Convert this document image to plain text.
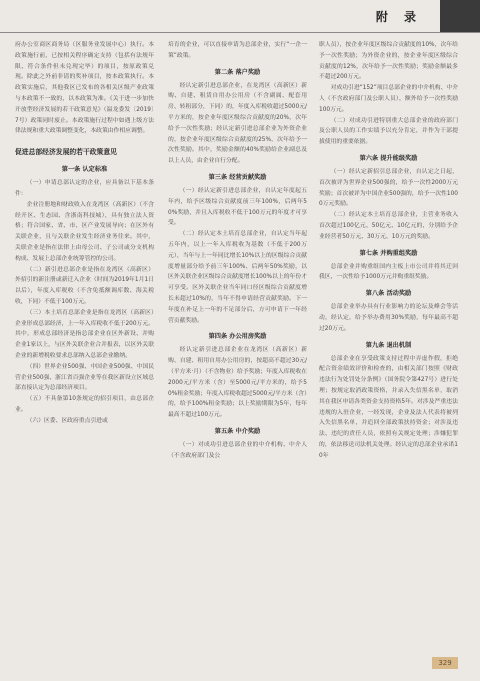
附 录
府办公室商区商务局（区服务业发展中心）执行。本政策施行前，已按相关程序确定支持（包括有法规年限、符合条件但未兑现完毕）的项目，按原政策兑现。除此之外前非请的奖补项目，按本政策执行。本政策实施后，其他我区已发布的各相关区级产业政策与本政策不一致的，以本政策为准。《关于进一步加快开放型经济发展的若干政策意见》（温龙委发〔2019〕7号）政策同时废止。本政策施行过程中如遇上级方法律法规和重大政策调整变化，本政策由作相应调整。
促进总部经济发展的若干政策意见
第一条 认定标准
（一）申请总部认定的企业，应具备以下基本条件：
企业注册地和财政收入在龙湾区（高新区）（不含经开区、生态园、含浙南科技城），具有独立法人资格；符合国家、省、市、区产业发展导向；在区外有关联企业，且与关联企业发生经济业务往来。其中，关联企业是指在法律上由母公司、子公司或分支机构构成、发展上总部企业统筹管控的公司。
（二）新引进总部企业是指在龙湾区（高新区）外招引的新注册或新迁入企业（时间为2019年1月1日以后），年度入库税收（不含免抵额调库数、海关税收，下同）不低于100万元。
（三）本土培育总部企业是指在龙湾区（高新区）企业形成总部经济，上一年入库税收不低于200万元。其中，形成总部经济是指总部企业在区外新设、并购企业1家以上，与区外关联企业合并报表，以区外关联企业的新增税收要求总部纳入总部企业缴纳。
（四）世界企业500强、中国企业500强、中国民营企业500强、浙江省百强企业等在我区新设立区域总部直接认定为总部经济项目。
（五）不具备第10条规定的招引项目，由总部企业。
（六）区委、区政府重点引进或
培育的企业，可以直接申请为总部企业，实行“一企一策”政策。
第二条 落户奖励
经认定新引进总部企业，在龙湾区（高新区）新购、自建、租赁自用办公用房（不含副属、配套用房、转租部分，下同）的，年度入库税收超过5000元/平方米的，按企业年度区级综合贡献度的20%，次年给予一次性奖励；经认定新引进总部企业为外资企业的，按企业年度区级综合贡献度的25%，次年给予一次性奖励。其中，奖励金额的40%奖励给企业副总及以上人员，由企业自行分配。
第三条 经营贡献奖励
（一）经认定新引进总部企业，自认定年度起五年内，给予区级综合贡献度前三年100%，后两年50%奖励，并且入库税收不低于100万元的年度才可享受。
（二）经认定本土培育总部企业，自认定当年起五年内，以上一年入库税收为基数（不低于200万元），当年与上一年同比增长10%以上的区级综合贡献度增量部分给予前三年100%、后两年50%奖励，以区外关联企业区级综合贡献度增长100%以上的年份才可享受。区外关联企业当年同口径区级综合贡献度增长未超过10%的，当年不得申请经营贡献奖励。下一年度在补足上一年的不足部分后，方可申请下一年经营贡献奖励。
第四条 办公用房奖励
经认定新引进总部企业在龙湾区（高新区）新购、自建、租用自用办公用房的，按超高不超过30元/（平方米·月）（不含物业）给予奖励；年度入库税收在2000元/平方米（含）至5000元/平方米的，给予50%租金奖励；年度入库税收超过5000元/平方米（含）的，给予100%租金奖励；以上奖励期限为5年，每年最高不超过100万元。
第五条 中介奖励
（一）对成功引进总部企业的中介机构、中介人（不含政府部门及公
职人员），按企业年度区级综合贡献度的10%，次年给予一次性奖励；为外资企业的，按企业年度区级综合贡献度的12%，次年给予一次性奖励；奖励金额最多不超过200万元。
对成功引进“152”项目总部企业的中介机构、中介人（不含政府部门及公职人员），额外给予一次性奖励100万元。
（二）对成功引进特别重大总部企业的政府部门及公职人员的工作实绩予以充分肯定，并作为干部提拔使用的重要依据。
第六条 提升能级奖励
（一）经认定新招引总部企业，自认定之日起，首次被评为世界企业500强的，给予一次性2000万元奖励；首次被评为中国企业500强的，给予一次性1000万元奖励。
（二）经认定本土培育总部企业，主营业务收入首次超过100亿元、50亿元、10亿元的，分别给予企业经营者50万元、30万元、10万元的奖励。
第七条 并购重组奖励
总部企业并购重组国内主板上市公司并将其迁回我区，一次性给予1000万元并购重组奖励。
第八条 活动奖励
总部企业举办具有行业影响力的论坛及峰会等活动，经认定，给予举办费用30%奖励，每年最高不超过20万元。
第九条 退出机制
总部企业在享受政策支持过程中弄虚作假，拒绝配合资金绩效评价和检查的，由相关部门按照《财政违法行为处罚处分条例》（国务院令第427号）进行处理；按规定取消政策资格，并录入失信黑名单，取消其在我区申请各类资金支持资格5年。对涉及严重违法违规的入驻企业，一经发现，企业及法人代表将被列入失信黑名单，并追回全部政策扶持资金；对涉及违法、违纪的責任人员，依照有关规定处理；涉嫌犯罪的，依法移送司法机关处理。经认定的总部企业承诺10年
329
